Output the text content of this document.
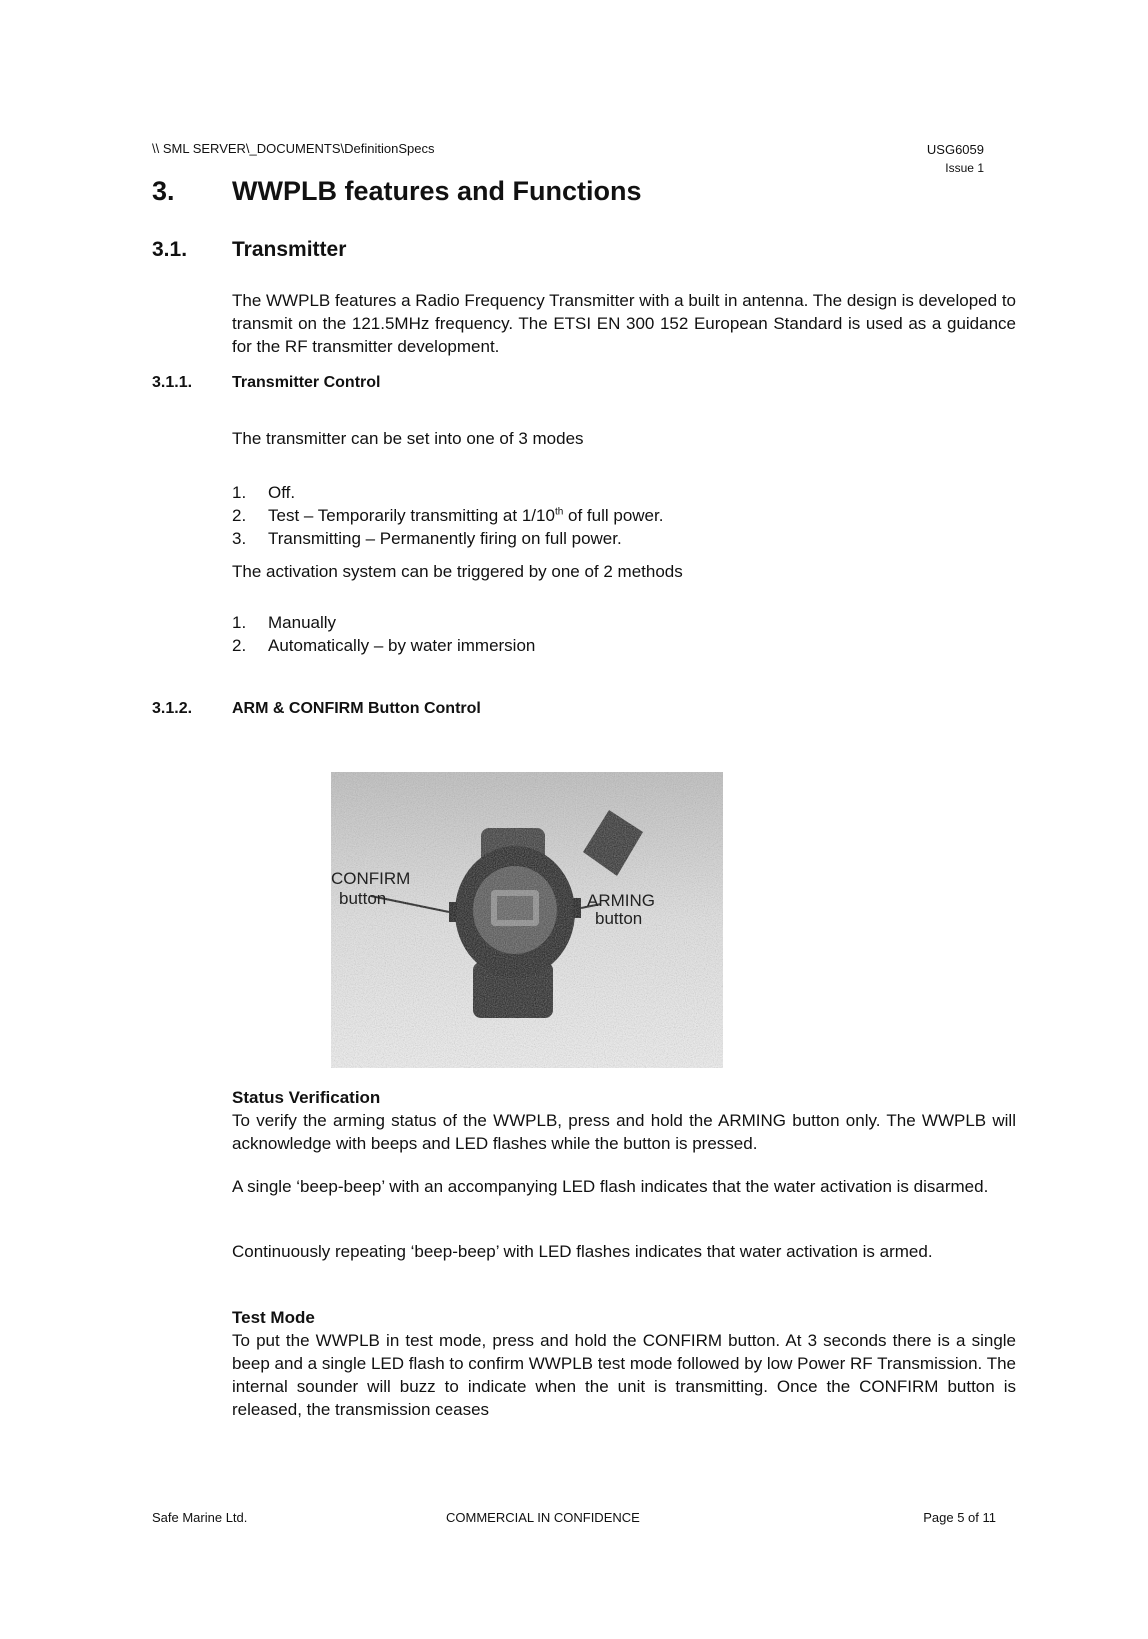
\\ SML SERVER\_DOCUMENTS\DefinitionSpecs	USG6059
Issue 1
3. WWPLB features and Functions
3.1. Transmitter
The WWPLB features a Radio Frequency Transmitter with a built in antenna. The design is developed to transmit on the 121.5MHz frequency. The ETSI EN 300 152 European Standard is used as a guidance for the RF transmitter development.
3.1.1. Transmitter Control
The transmitter can be set into one of 3 modes
1. Off.
2. Test – Temporarily transmitting at 1/10th of full power.
3. Transmitting – Permanently firing on full power.
The activation system can be triggered by one of 2 methods
1. Manually
2. Automatically – by water immersion
3.1.2. ARM & CONFIRM Button Control
CONFIRM
button	ARMING
button
Status Verification
To verify the arming status of the WWPLB, press and hold the ARMING button only. The WWPLB will acknowledge with beeps and LED flashes while the button is pressed.
A single ‘beep-beep’ with an accompanying LED flash indicates that the water activation is disarmed.
Continuously repeating ‘beep-beep’ with LED flashes indicates that water activation is armed.
Test Mode
To put the WWPLB in test mode, press and hold the CONFIRM button. At 3 seconds there is a single beep and a single LED flash to confirm WWPLB test mode followed by low Power RF Transmission. The internal sounder will buzz to indicate when the unit is transmitting. Once the CONFIRM button is released, the transmission ceases
Safe Marine Ltd.	COMMERCIAL IN CONFIDENCE	Page 5 of 11
